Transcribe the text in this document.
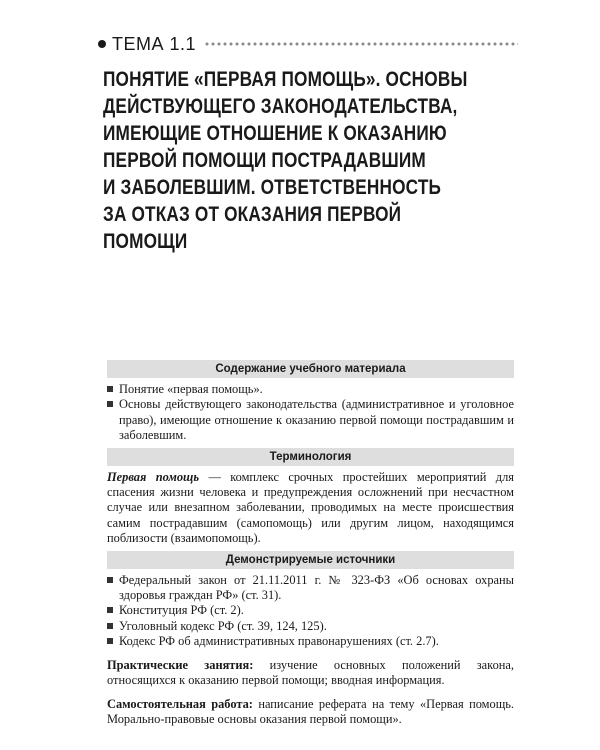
ТЕМА 1.1
ПОНЯТИЕ «ПЕРВАЯ ПОМОЩЬ». ОСНОВЫ
ДЕЙСТВУЮЩЕГО ЗАКОНОДАТЕЛЬСТВА,
ИМЕЮЩИЕ ОТНОШЕНИЕ К ОКАЗАНИЮ
ПЕРВОЙ ПОМОЩИ ПОСТРАДАВШИМ
И ЗАБОЛЕВШИМ. ОТВЕТСТВЕННОСТЬ
ЗА ОТКАЗ ОТ ОКАЗАНИЯ ПЕРВОЙ
ПОМОЩИ
Содержание учебного материала
Понятие «первая помощь».
Основы действующего законодательства (административное и уголовное право), имеющие отношение к оказанию первой помощи пострадавшим и заболевшим.
Терминология

Первая помощь — комплекс срочных простейших мероприятий для спасения жизни человека и предупреждения осложнений при несчастном случае или внезапном заболевании, проводимых на месте происшествия самим пострадавшим (самопомощь) или другим лицом, находящимся поблизости (взаимопомощь).

Демонстрируемые источники
Федеральный закон от 21.11.2011 г. № 323-ФЗ «Об основах охраны здоровья граждан РФ» (ст. 31).
Конституция РФ (ст. 2).
Уголовный кодекс РФ (ст. 39, 124, 125).
Кодекс РФ об административных правонарушениях (ст. 2.7).

Практические занятия: изучение основных положений закона, относящихся к оказанию первой помощи; вводная информация.

Самостоятельная работа: написание реферата на тему «Первая помощь. Морально-правовые основы оказания первой помощи».
